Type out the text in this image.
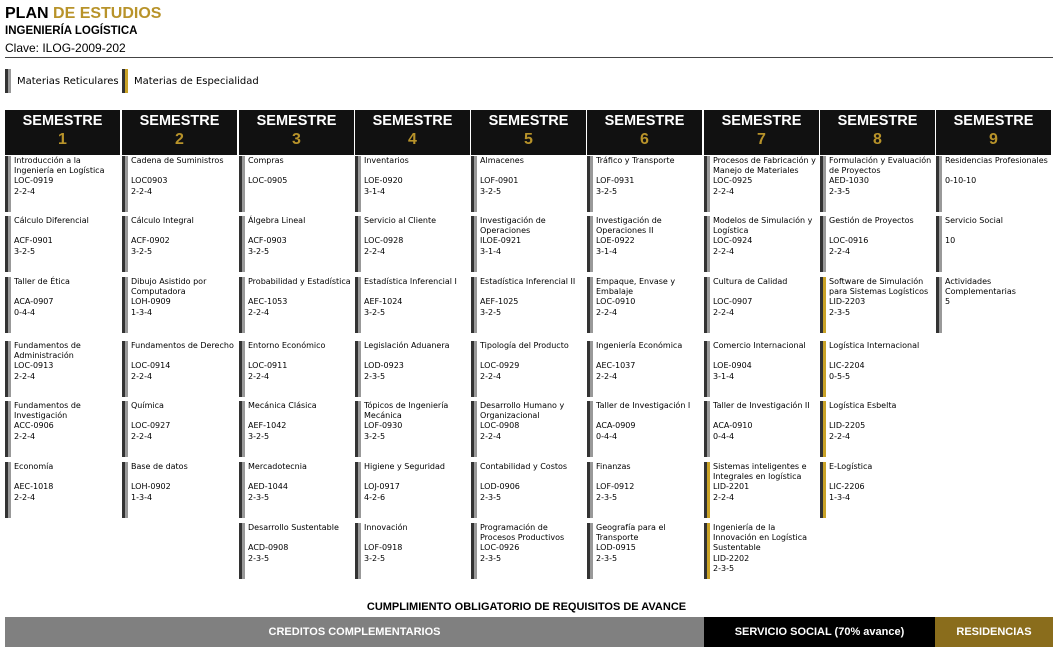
PLAN DE ESTUDIOS
INGENIERÍA LOGÍSTICA
Clave: ILOG-2009-202
Materias Reticulares Materias de Especialidad
SEMESTRE
1
Introducción a la Ingeniería en Logística
LOC-0919
2-2-4
Cálculo Diferencial
ACF-0901
3-2-5
Taller de Ética
ACA-0907
0-4-4
Fundamentos de Administración
LOC-0913
2-2-4
Fundamentos de Investigación
ACC-0906
2-2-4
Economía
AEC-1018
2-2-4
SEMESTRE
2
Cadena de Suministros
LOC0903
2-2-4
Cálculo Integral
ACF-0902
3-2-5
Dibujo Asistido por Computadora
LOH-0909
1-3-4
Fundamentos de Derecho
LOC-0914
2-2-4
Química
LOC-0927
2-2-4
Base de datos
LOH-0902
1-3-4
SEMESTRE
3
Compras
LOC-0905
Álgebra Lineal
ACF-0903
3-2-5
Probabilidad y Estadística
AEC-1053
2-2-4
Entorno Económico
LOC-0911
2-2-4
Mecánica Clásica
AEF-1042
3-2-5
Mercadotecnia
AED-1044
2-3-5
Desarrollo Sustentable
ACD-0908
2-3-5
SEMESTRE
4
Inventarios
LOE-0920
3-1-4
Servicio al Cliente
LOC-0928
2-2-4
Estadística Inferencial I
AEF-1024
3-2-5
Legislación Aduanera
LOD-0923
2-3-5
Tópicos de Ingeniería Mecánica
LOF-0930
3-2-5
Higiene y Seguridad
LOJ-0917
4-2-6
Innovación
LOF-0918
3-2-5
SEMESTRE
5
Almacenes
LOF-0901
3-2-5
Investigación de Operaciones
ILOE-0921
3-1-4
Estadística Inferencial II
AEF-1025
3-2-5
Tipología del Producto
LOC-0929
2-2-4
Desarrollo Humano y Organizacional
LOC-0908
2-2-4
Contabilidad y Costos
LOD-0906
2-3-5
Programación de Procesos Productivos
LOC-0926
2-3-5
SEMESTRE
6
Tráfico y Transporte
LOF-0931
3-2-5
Investigación de Operaciones II
LOE-0922
3-1-4
Empaque, Envase y Embalaje
LOC-0910
2-2-4
Ingeniería Económica
AEC-1037
2-2-4
Taller de Investigación I
ACA-0909
0-4-4
Finanzas
LOF-0912
2-3-5
Geografía para el Transporte
LOD-0915
2-3-5
SEMESTRE
7
Procesos de Fabricación y Manejo de Materiales
LOC-0925
2-2-4
Modelos de Simulación y Logística
LOC-0924
2-2-4
Cultura de Calidad
LOC-0907
2-2-4
Comercio Internacional
LOE-0904
3-1-4
Taller de Investigación II
ACA-0910
0-4-4
Sistemas inteligentes e Integrales en logística
LID-2201
2-2-4
Ingeniería de la Innovación en Logística Sustentable
LID-2202
2-3-5
SEMESTRE
8
Formulación y Evaluación de Proyectos
AED-1030
2-3-5
Gestión de Proyectos
LOC-0916
2-2-4
Software de Simulación para Sistemas Logísticos
LID-2203
2-3-5
Logística Internacional
LIC-2204
0-5-5
Logística Esbelta
LID-2205
2-2-4
E-Logística
LIC-2206
1-3-4
SEMESTRE
9
Residencias Profesionales
0-10-10
Servicio Social
10
Actividades Complementarias
5
CUMPLIMIENTO OBLIGATORIO DE REQUISITOS DE AVANCE
CREDITOS COMPLEMENTARIOS	SERVICIO SOCIAL (70% avance)	RESIDENCIAS
